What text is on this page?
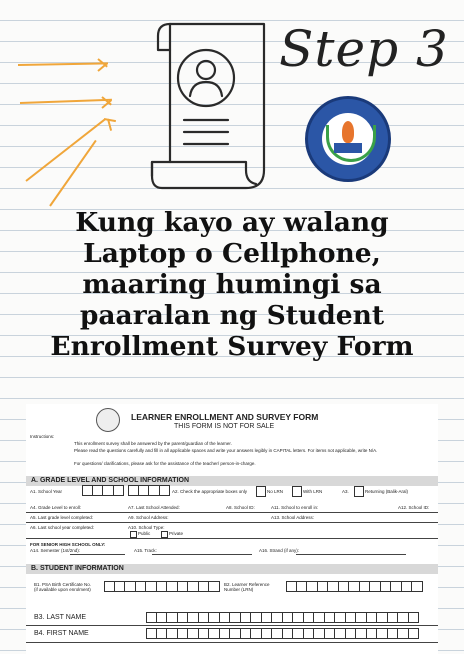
Step 3
Kung kayo ay walang
Laptop o Cellphone,
maaring humingi sa
paaralan ng Student
Enrollment Survey Form
LEARNER ENROLLMENT AND SURVEY FORM
THIS FORM IS NOT FOR SALE
Instructions:
This enrollment survey shall be answered by the parent/guardian of the learner.
Please read the questions carefully and fill in all applicable spaces and write your answers legibly in CAPITAL letters. For items not applicable, write N/A.
For questions/ clarifications, please ask for the assistance of the teacher/ person-in-charge.
A. GRADE LEVEL AND SCHOOL INFORMATION
A1. School Year	A2. Check the appropriate boxes only	No LRN	With LRN	A3.	Returning (Balik-Aral)
A4. Grade Level to enroll:	A7. Last School Attended:	A8. School ID:	A11. School to enroll in:	A12. School ID:
A5. Last grade level completed:	A9. School Address:	A13. School Address:
A6. Last school year completed:	A10. School Type:
Public	Private
FOR SENIOR HIGH SCHOOL ONLY:
A14. Semester (1st/2nd):	A15. Track:	A16. Strand (if any):
B. STUDENT INFORMATION
B1. PSA Birth Certificate No.
(if available upon enrolment)
B2. Learner Reference
Number (LRN)
B3. LAST NAME
B4. FIRST NAME
